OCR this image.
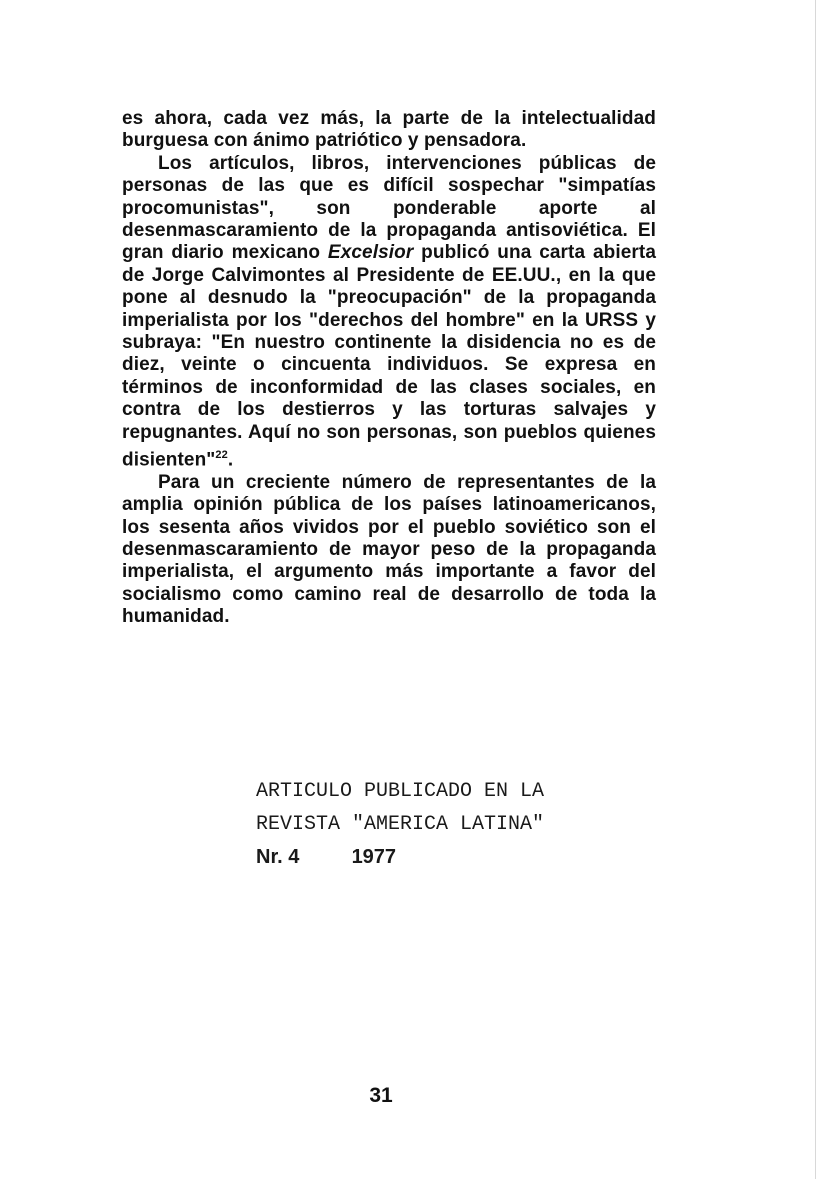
es ahora, cada vez más, la parte de la intelectualidad burguesa con ánimo patriótico y pensadora.

Los artículos, libros, intervenciones públicas de personas de las que es difícil sospechar "simpatías procomunistas", son ponderable aporte al desenmascaramiento de la propaganda antisoviética. El gran diario mexicano Excelsior publicó una carta abierta de Jorge Calvimontes al Presidente de EE.UU., en la que pone al desnudo la "preocupación" de la propaganda imperialista por los "derechos del hombre" en la URSS y subraya: "En nuestro continente la disidencia no es de diez, veinte o cincuenta individuos. Se expresa en términos de inconformidad de las clases sociales, en contra de los destierros y las torturas salvajes y repugnantes. Aquí no son personas, son pueblos quienes disienten"$^{22}$.

Para un creciente número de representantes de la amplia opinión pública de los países latinoamericanos, los sesenta años vividos por el pueblo soviético son el desenmascaramiento de mayor peso de la propaganda imperialista, el argumento más importante a favor del socialismo como camino real de desarrollo de toda la humanidad.

ARTICULO PUBLICADO EN LA
REVISTA "AMERICA LATINA"
Nr. 4	1977
31
